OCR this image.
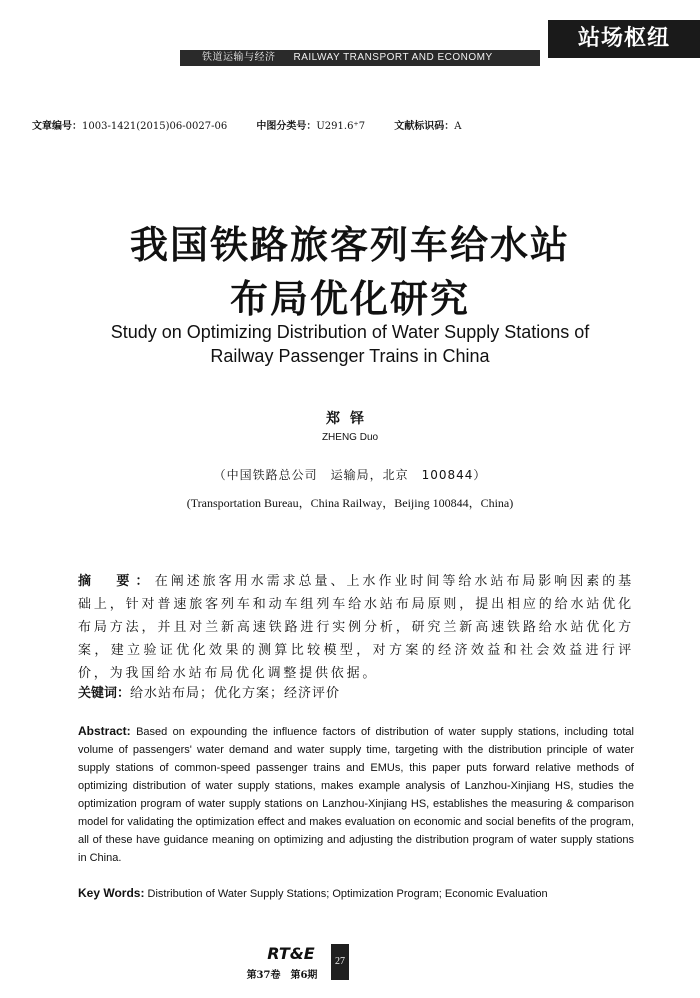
站场枢纽
铁道运输与经济 RAILWAY TRANSPORT AND ECONOMY
文章编号：1003-1421(2015)06-0027-06	中图分类号：U291.6⁺7	文献标识码：A
我国铁路旅客列车给水站
布局优化研究
Study on Optimizing Distribution of Water Supply Stations of
Railway Passenger Trains in China
郑铎
ZHENG Duo
（中国铁路总公司　运输局，北京　100844）
(Transportation Bureau，China Railway，Beijing 100844，China)

摘　要：在阐述旅客用水需求总量、上水作业时间等给水站布局影响因素的基础上，针对普速旅客列车和动车组列车给水站布局原则，提出相应的给水站优化布局方法，并且对兰新高速铁路进行实例分析，研究兰新高速铁路给水站优化方案，建立验证优化效果的测算比较模型，对方案的经济效益和社会效益进行评价，为我国给水站布局优化调整提供依据。

关键词：给水站布局；优化方案；经济评价

Abstract: Based on expounding the influence factors of distribution of water supply stations, including total volume of passengers' water demand and water supply time, targeting with the distribution principle of water supply stations of common-speed passenger trains and EMUs, this paper puts forward relative methods of optimizing distribution of water supply stations, makes example analysis of Lanzhou-Xinjiang HS, studies the optimization program of water supply stations on Lanzhou-Xinjiang HS, establishes the measuring & comparison model for validating the optimization effect and makes evaluation on economic and social benefits of the program, all of these have guidance meaning on optimizing and adjusting the distribution program of water supply stations in China.

Key Words: Distribution of Water Supply Stations; Optimization Program; Economic Evaluation

RT&E
第37卷　第6期
27
